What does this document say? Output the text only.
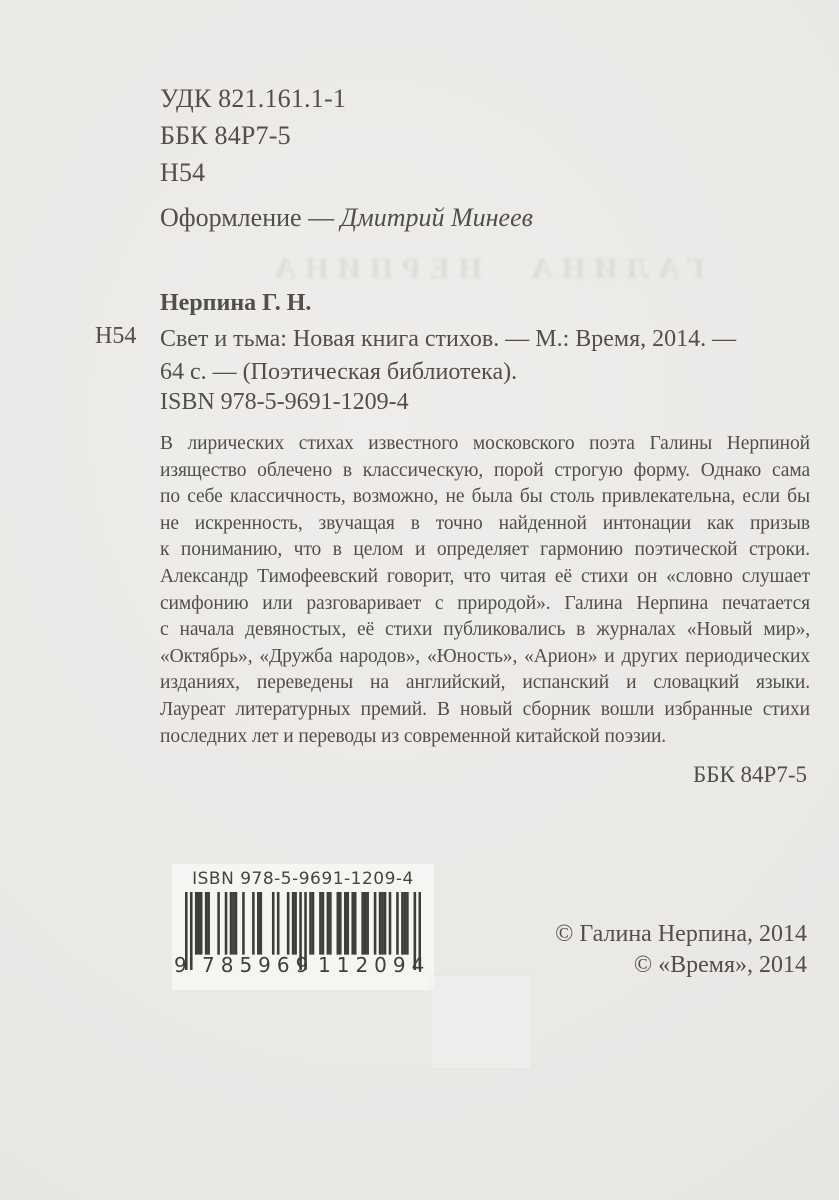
УДК 821.161.1-1
ББК 84Р7-5
Н54
Оформление — Дмитрий Минеев
ГАЛИНА НЕРПИНА
Нерпина Г. Н.
Н54 Свет и тьма: Новая книга стихов. — М.: Время, 2014. —
64 с. — (Поэтическая библиотека).
ISBN 978-5-9691-1209-4
В лирических стихах известного московского поэта Галины Нерпиной
изящество облечено в классическую, порой строгую форму. Однако сама
по себе классичность, возможно, не была бы столь привлекательна, если бы
не искренность, звучащая в точно найденной интонации как призыв
к пониманию, что в целом и определяет гармонию поэтической строки.
Александр Тимофеевский говорит, что читая её стихи он «словно слушает
симфонию или разговаривает с природой». Галина Нерпина печатается
с начала девяностых, её стихи публиковались в журналах «Новый мир»,
«Октябрь», «Дружба народов», «Юность», «Арион» и других периодических
изданиях, переведены на английский, испанский и словацкий языки.
Лауреат литературных премий. В новый сборник вошли избранные стихи
последних лет и переводы из современной китайской поэзии.
ББК 84Р7-5
ISBN 978-5-9691-1209-4
9 785969 112094
© Галина Нерпина, 2014
© «Время», 2014
